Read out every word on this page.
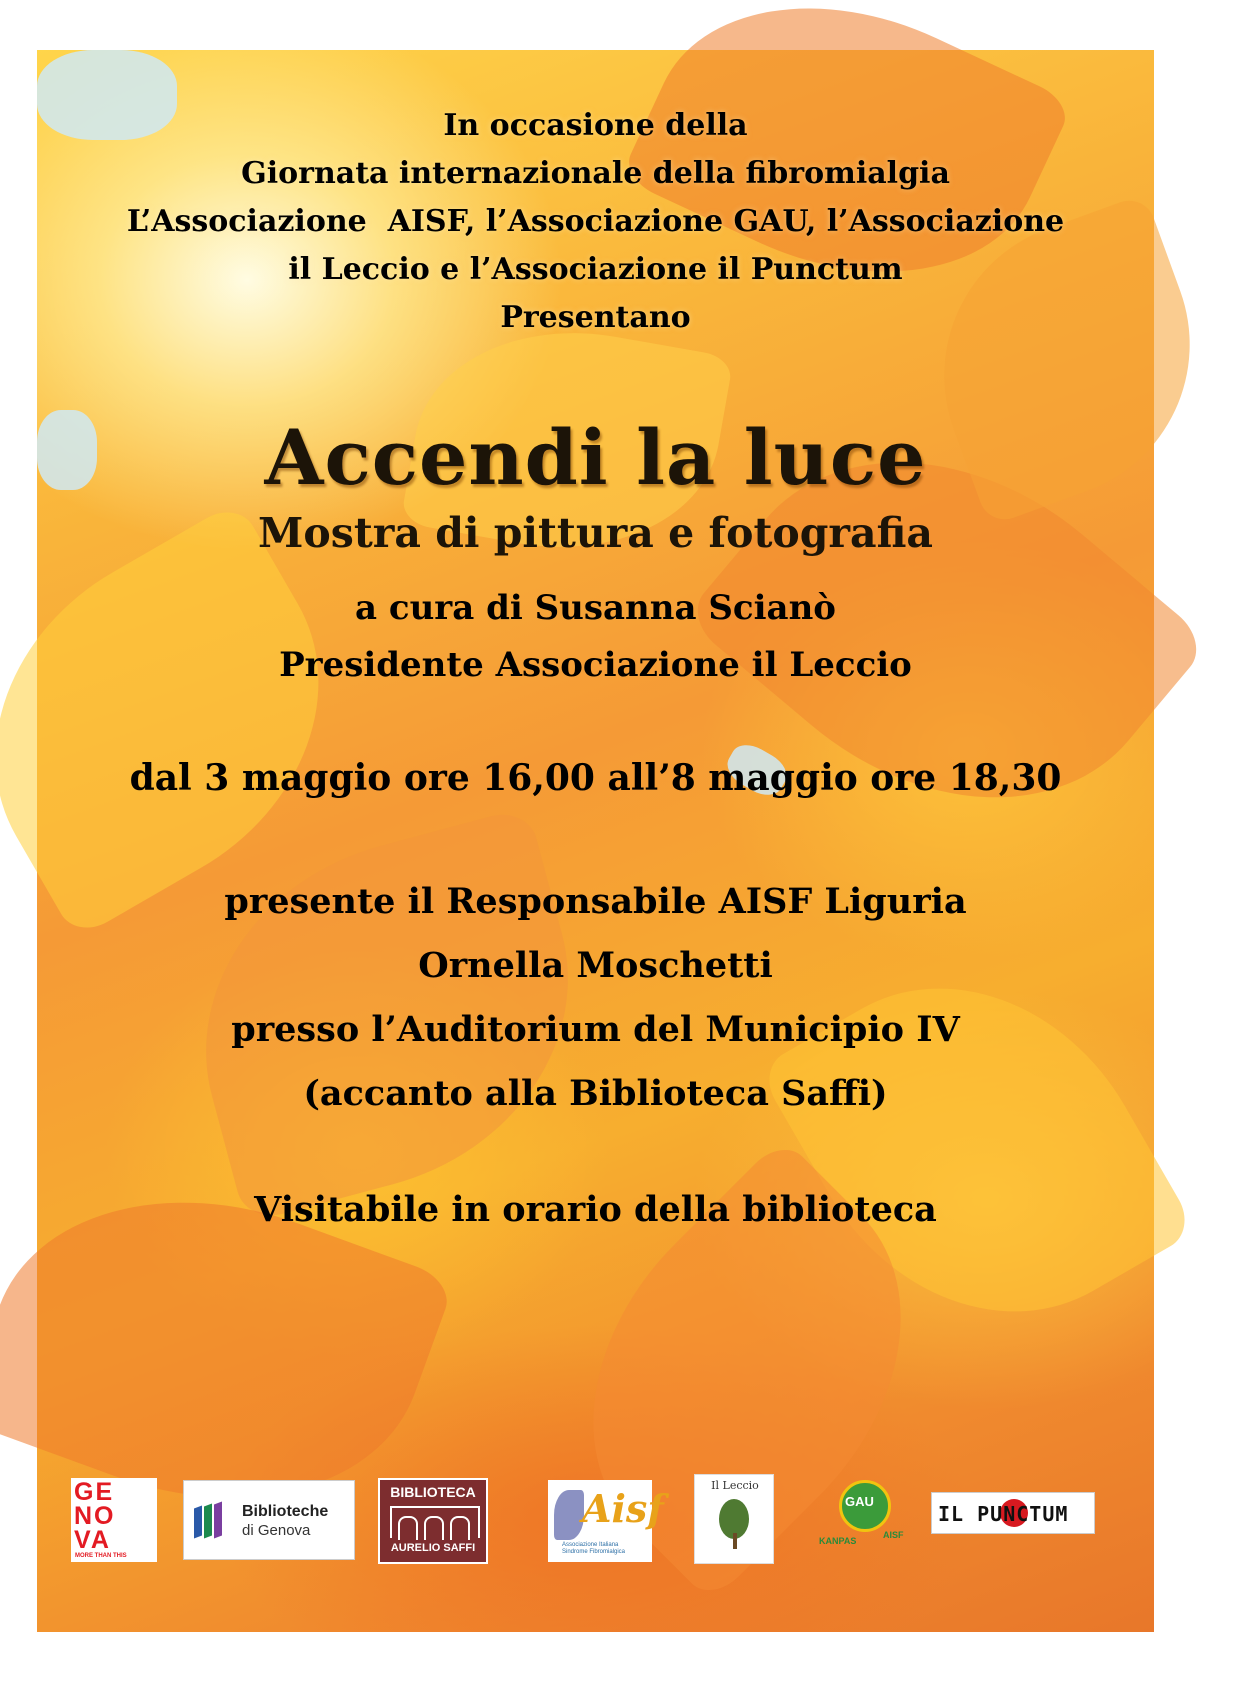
In occasione della
Giornata internazionale della fibromialgia
L’Associazione  AISF, l’Associazione GAU, l’Associazione
il Leccio e l’Associazione il Punctum
Presentano
Accendi la luce
Mostra di pittura e fotografia
a cura di Susanna Scianò
Presidente Associazione il Leccio
dal 3 maggio ore 16,00 all’8 maggio ore 18,30
presente il Responsabile AISF Liguria
Ornella Moschetti
presso l’Auditorium del Municipio IV
(accanto alla Biblioteca Saffi)
Visitabile in orario della biblioteca
GE
NO
VA
MORE THAN THIS
Biblioteche
di Genova
BIBLIOTECA
AURELIO SAFFI
Aisf
Associazione Italiana Sindrome Fibromialgica
Il Leccio
GAU
KANPAS
AISF
IL PUNCTUM
